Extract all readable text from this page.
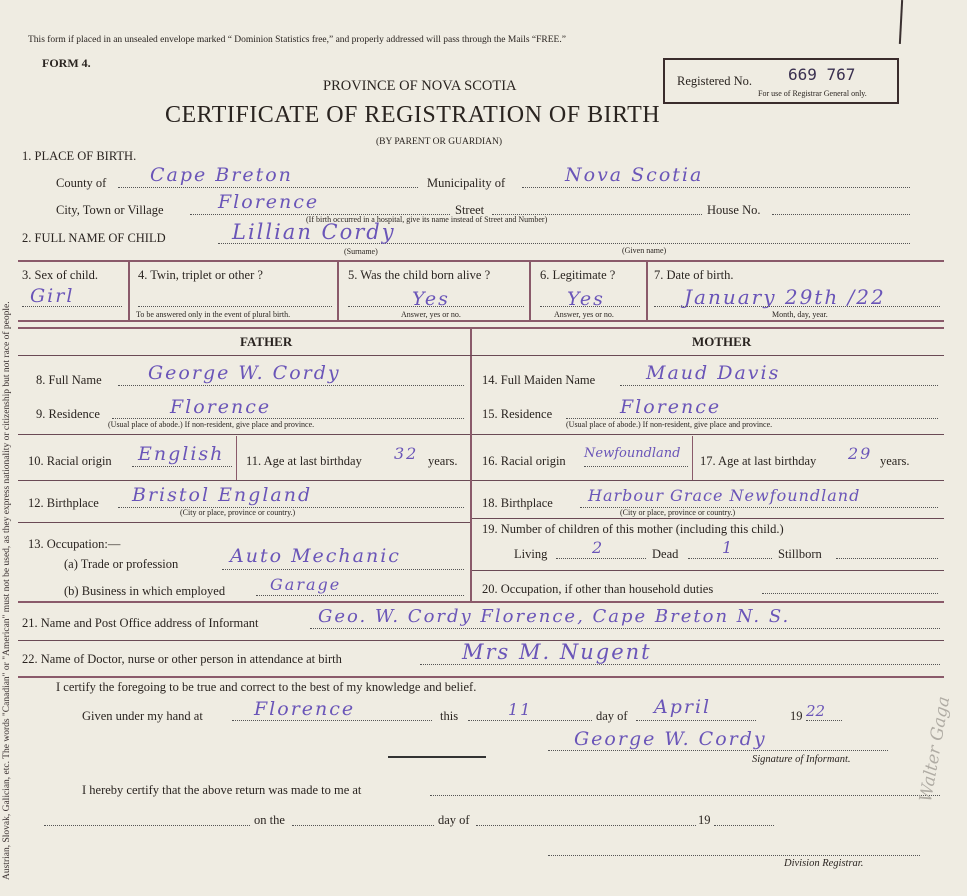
Austrian, Slovak, Galician, etc. The words "Canadian" or "American" must not be used, as they express nationality or citizenship but not race of people.
This form if placed in an unsealed envelope marked “ Dominion Statistics free,” and properly addressed will pass through the Mails “FREE.”
FORM 4.
PROVINCE OF NOVA SCOTIA
CERTIFICATE OF REGISTRATION OF BIRTH
(BY PARENT OR GUARDIAN)
Registered No. 669 767
For use of Registrar General only.
1. PLACE OF BIRTH.
County of Cape Breton	Municipality of	Nova Scotia
City, Town or Village	Florence	Street	House No.
(If birth occurred in a hospital, give its name instead of Street and Number)
2. FULL NAME OF CHILD	Lillian Cordy
(Surname)	(Given name)
3. Sex of child.
Girl
4. Twin, triplet or other ?
To be answered only in the event of plural birth.
5. Was the child born alive ?
Yes
Answer, yes or no.
6. Legitimate ?
Yes
Answer, yes or no.
7. Date of birth.
January 29th /22
Month, day, year.
FATHER	MOTHER
8. Full Name George W. Cordy
9. Residence	Florence
(Usual place of abode.) If non-resident, give place and province.
10. Racial origin English 11. Age at last birthday 32 years.
12. Birthplace Bristol England
(City or place, province or country.)
13. Occupation:—
(a) Trade or profession	Auto Mechanic
(b) Business in which employed	Garage
14. Full Maiden Name	Maud Davis
15. Residence	Florence
(Usual place of abode.) If non-resident, give place and province.
16. Racial origin Newfoundland 17. Age at last birthday 29 years.
18. Birthplace Harbour Grace Newfoundland
(City or place, province or country.)
19. Number of children of this mother (including this child.)
Living	2	Dead	1	Stillborn
20. Occupation, if other than household duties
21. Name and Post Office address of Informant	Geo. W. Cordy Florence, Cape Breton N. S.
22. Name of Doctor, nurse or other person in attendance at birth	Mrs M. Nugent
I certify the foregoing to be true and correct to the best of my knowledge and belief.
Given under my hand at	Florence	this	11	day of April	19 22
George W. Cordy
Signature of Informant.
I hereby certify that the above return was made to me at
on the	day of	19
Division Registrar.
Walter Gaga
